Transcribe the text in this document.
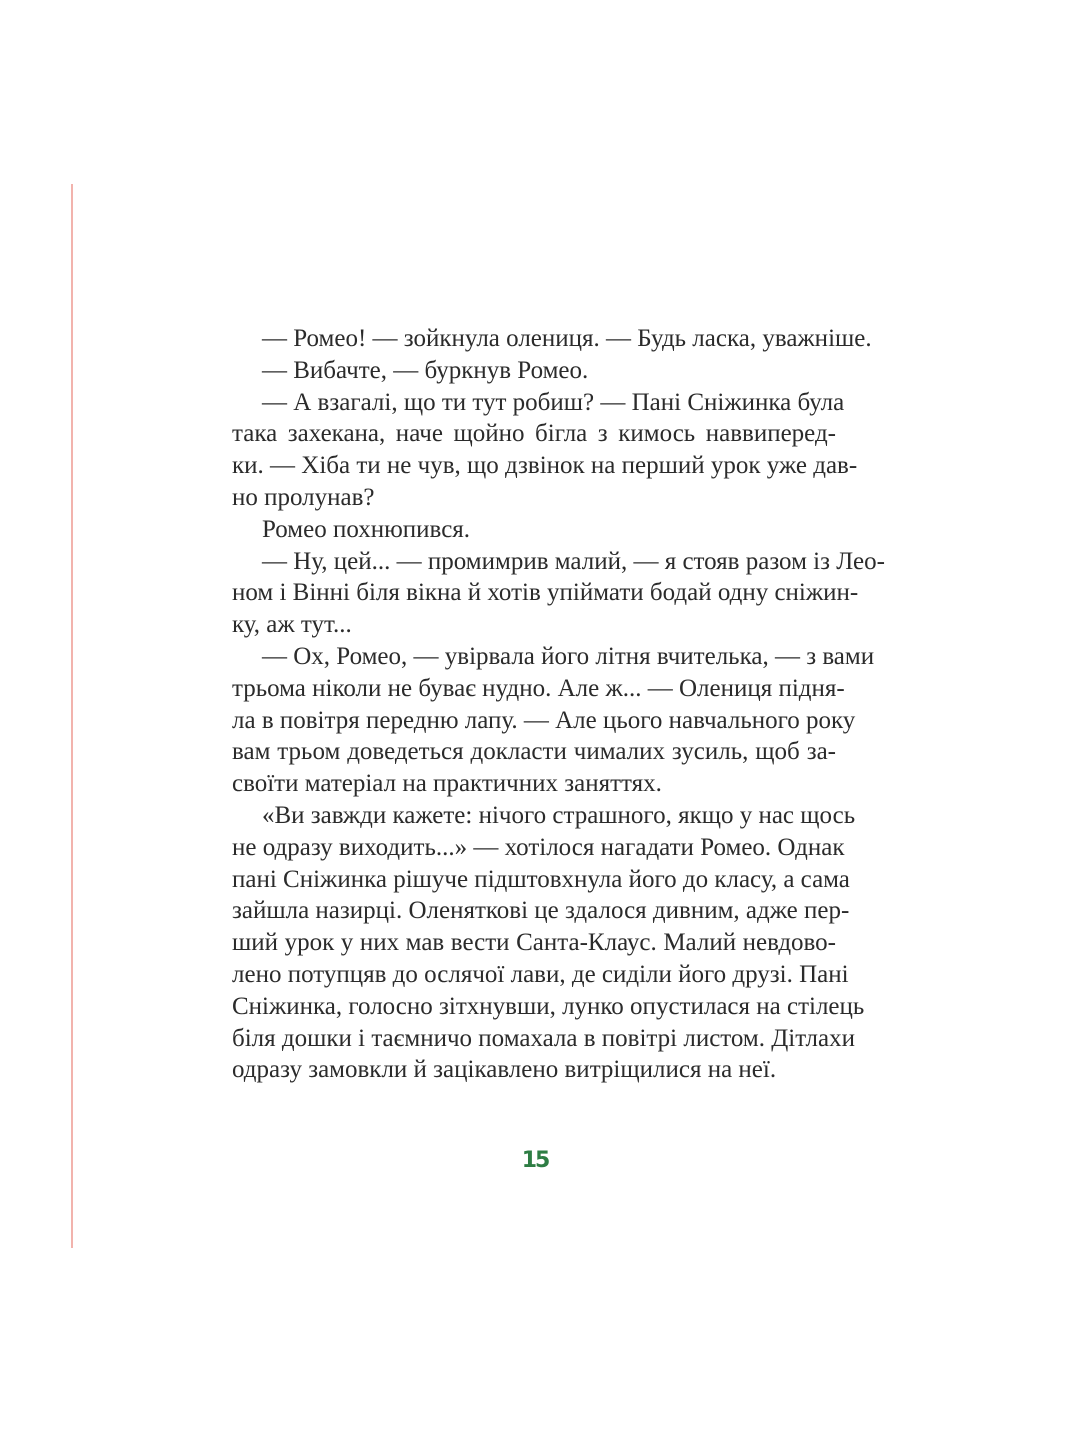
— Ромео! — зойкнула олениця. — Будь ласка, уважніше.
— Вибачте, — буркнув Ромео.
— А взагалі, що ти тут робиш? — Пані Сніжинка була
така захекана, наче щойно бігла з кимось наввиперед-
ки. — Хіба ти не чув, що дзвінок на перший урок уже дав-
но пролунав?
Ромео похнюпився.
— Ну, цей... — промимрив малий, — я стояв разом із Лео-
ном і Вінні біля вікна й хотів упіймати бодай одну сніжин-
ку, аж тут...
— Ох, Ромео, — увірвала його літня вчителька, — з вами
трьома ніколи не буває нудно. Але ж... — Олениця підня-
ла в повітря передню лапу. — Але цього навчального року
вам трьом доведеться докласти чималих зусиль, щоб за-
своїти матеріал на практичних заняттях.
«Ви завжди кажете: нічого страшного, якщо у нас щось
не одразу виходить...» — хотілося нагадати Ромео. Однак
пані Сніжинка рішуче підштовхнула його до класу, а сама
зайшла назирці. Оленяткові це здалося дивним, адже пер-
ший урок у них мав вести Санта-Клаус. Малий невдово-
лено потупцяв до ослячої лави, де сиділи його друзі. Пані
Сніжинка, голосно зітхнувши, лунко опустилася на стілець
біля дошки і таємничо помахала в повітрі листом. Дітлахи
одразу замовкли й зацікавлено витріщилися на неї.
15
